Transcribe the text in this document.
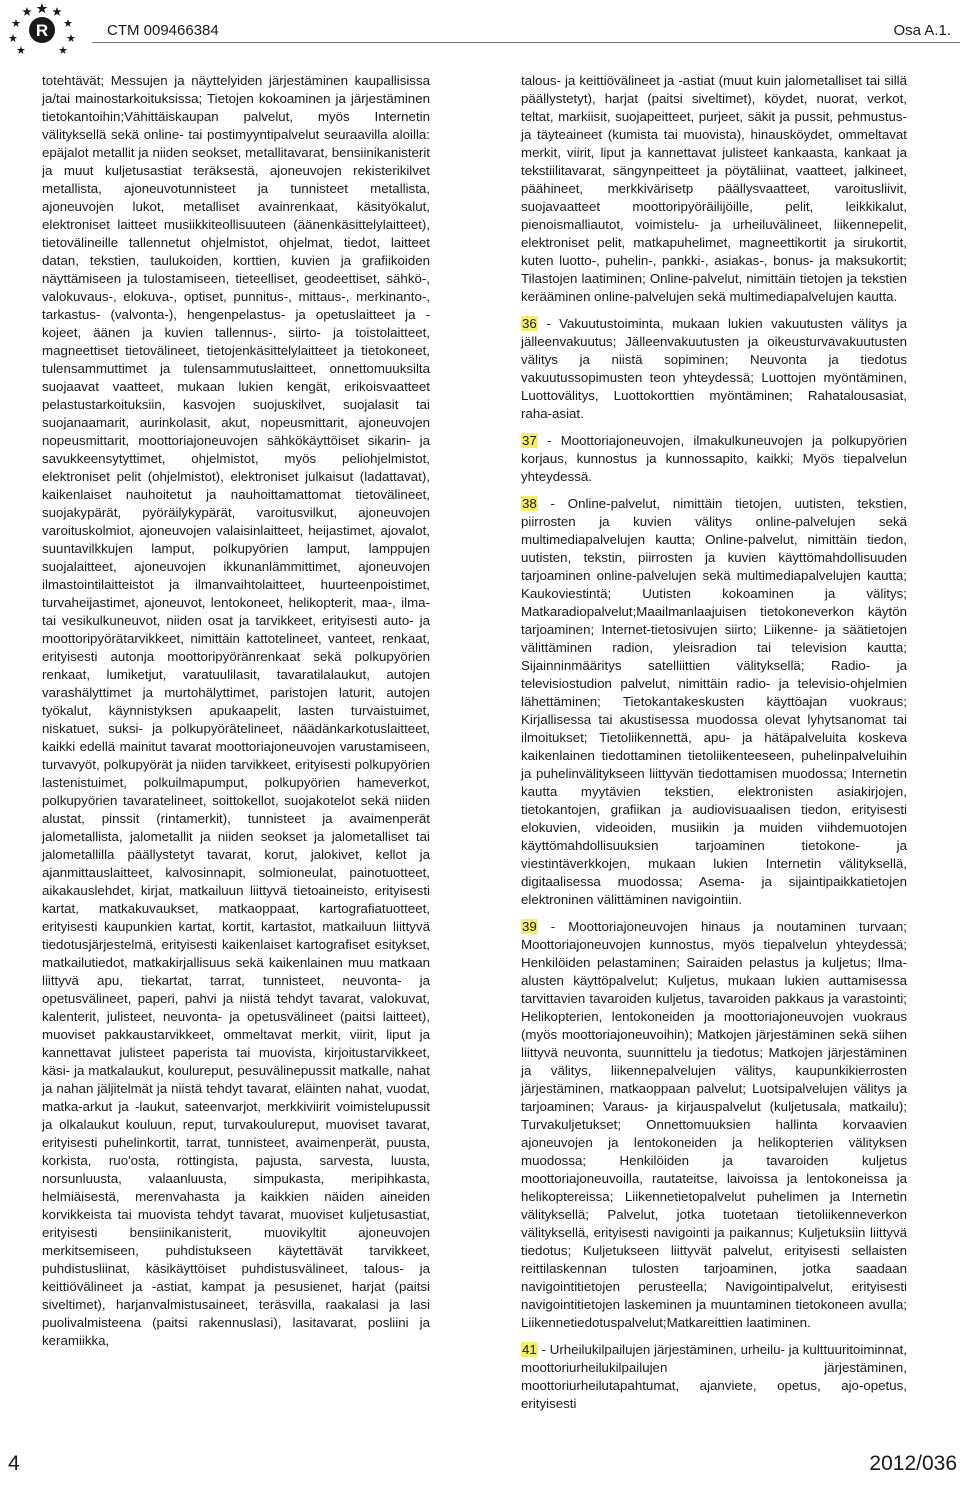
R	CTM 009466384	Osa A.1.

totehtävät; Messujen ja näyttelyiden järjestäminen kaupallisissa ja/tai mainostarkoituksissa; Tietojen kokoaminen ja järjestäminen tietokantoihin;Vähittäiskaupan palvelut, myös Internetin välityksellä sekä online- tai postimyyntipalvelut seuraavilla aloilla: epäjalot metallit ja niiden seokset, metallitavarat, bensiinikanisterit ja muut kuljetusastiat teräksestä, ajoneuvojen rekisterikilvet metallista, ajoneuvotunnisteet ja tunnisteet metallista, ajoneuvojen lukot, metalliset avainrenkaat, käsityökalut, elektroniset laitteet musiikkiteollisuuteen (äänenkäsittelylaitteet), tietovälineille tallennetut ohjelmistot, ohjelmat, tiedot, laitteet datan, tekstien, taulukoiden, korttien, kuvien ja grafiikoiden näyttämiseen ja tulostamiseen, tieteelliset, geodeettiset, sähkö-, valokuvaus-, elokuva-, optiset, punnitus-, mittaus-, merkinanto-, tarkastus- (valvonta-), hengenpelastus- ja opetuslaitteet ja -kojeet, äänen ja kuvien tallennus-, siirto- ja toistolaitteet, magneettiset tietovälineet, tietojenkäsittelylaitteet ja tietokoneet, tulensammuttimet ja tulensammutuslaitteet, onnettomuuksilta suojaavat vaatteet, mukaan lukien kengät, erikoisvaatteet pelastustarkoituksiin, kasvojen suojuskilvet, suojalasit tai suojanaamarit, aurinkolasit, akut, nopeusmittarit, ajoneuvojen nopeusmittarit, moottoriajoneuvojen sähkökäyttöiset sikarin- ja savukkeensytyttimet, ohjelmistot, myös peliohjelmistot, elektroniset pelit (ohjelmistot), elektroniset julkaisut (ladattavat), kaikenlaiset nauhoitetut ja nauhoittamattomat tietovälineet, suojakypärät, pyöräilykypärät, varoitusvilkut, ajoneuvojen varoituskolmiot, ajoneuvojen valaisinlaitteet, heijastimet, ajovalot, suuntavilkkujen lamput, polkupyörien lamput, lamppujen suojalaitteet, ajoneuvojen ikkunanlämmittimet, ajoneuvojen ilmastointilaitteistot ja ilmanvaihtolaitteet, huurteenpoistimet, turvaheijastimet, ajoneuvot, lentokoneet, helikopterit, maa-, ilma- tai vesikulkuneuvot, niiden osat ja tarvikkeet, erityisesti auto- ja moottoripyörätarvikkeet, nimittäin kattotelineet, vanteet, renkaat, erityisesti autonja moottoripyöränrenkaat sekä polkupyörien renkaat, lumiketjut, varatuulilasit, tavaratilalaukut, autojen varashälyttimet ja murtohälyttimet, paristojen laturit, autojen työkalut, käynnistyksen apukaapelit, lasten turvaistuimet, niskatuet, suksi- ja polkupyörätelineet, näädänkarkotuslaitteet, kaikki edellä mainitut tavarat moottoriajoneuvojen varustamiseen, turvavyöt, polkupyörät ja niiden tarvikkeet, erityisesti polkupyörien lastenistuimet, polkuilmapumput, polkupyörien hameverkot, polkupyörien tavaratelineet, soittokellot, suojakotelot sekä niiden alustat, pinssit (rintamerkit), tunnisteet ja avaimenperät jalometallista, jalometallit ja niiden seokset ja jalometalliset tai jalometallilla päällystetyt tavarat, korut, jalokivet, kellot ja ajanmittauslaitteet, kalvosinnapit, solmioneulat, painotuotteet, aikakauslehdet, kirjat, matkailuun liittyvä tietoaineisto, erityisesti kartat, matkakuvaukset, matkaoppaat, kartografiatuotteet, erityisesti kaupunkien kartat, kortit, kartastot, matkailuun liittyvä tiedotusjärjestelmä, erityisesti kaikenlaiset kartografiset esitykset, matkailutiedot, matkakirjallisuus sekä kaikenlainen muu matkaan liittyvä apu, tiekartat, tarrat, tunnisteet, neuvonta- ja opetusvälineet, paperi, pahvi ja niistä tehdyt tavarat, valokuvat, kalenterit, julisteet, neuvonta- ja opetusvälineet (paitsi laitteet), muoviset pakkaustarvikkeet, ommeltavat merkit, viirit, liput ja kannettavat julisteet paperista tai muovista, kirjoitustarvikkeet, käsi- ja matkalaukut, koulureput, pesuvälinepussit matkalle, nahat ja nahan jäljitelmät ja niistä tehdyt tavarat, eläinten nahat, vuodat, matka-arkut ja -laukut, sateenvarjot, merkkiviirit voimistelupussit ja olkalaukut kouluun, reput, turvakoulureput, muoviset tavarat, erityisesti puhelinkortit, tarrat, tunnisteet, avaimenperät, puusta, korkista, ruo'osta, rottingista, pajusta, sarvesta, luusta, norsunluusta, valaanluusta, simpukasta, meripihkasta, helmiäisestä, merenvahasta ja kaikkien näiden aineiden korvikkeista tai muovista tehdyt tavarat, muoviset kuljetusastiat, erityisesti bensiinikanisterit, muovikyltit ajoneuvojen merkitsemiseen, puhdistukseen käytettävät tarvikkeet, puhdistusliinat, käsikäyttöiset puhdistusvälineet, talous- ja keittiövälineet ja -astiat, kampat ja pesusienet, harjat (paitsi siveltimet), harjanvalmistusaineet, teräsvilla, raakalasi ja lasi puolivalmisteena (paitsi rakennuslasi), lasitavarat, posliini ja keramiikka,

talous- ja keittiövälineet ja -astiat (muut kuin jalometalliset tai sillä päällystetyt), harjat (paitsi siveltimet), köydet, nuorat, verkot, teltat, markiisit, suojapeitteet, purjeet, säkit ja pussit, pehmustus- ja täyteaineet (kumista tai muovista), hinausköydet, ommeltavat merkit, viirit, liput ja kannettavat julisteet kankaasta, kankaat ja tekstiilitavarat, sängynpeitteet ja pöytäliinat, vaatteet, jalkineet, päähineet, merkkivärisetp päällysvaatteet, varoitusliivit, suojavaatteet moottoripyöräilijöille, pelit, leikkikalut, pienoismalliautot, voimistelu- ja urheiluvälineet, liikennepelit, elektroniset pelit, matkapuhelimet, magneettikortit ja sirukortit, kuten luotto-, puhelin-, pankki-, asiakas-, bonus- ja maksukortit; Tilastojen laatiminen; Online-palvelut, nimittäin tietojen ja tekstien kerääminen online-palvelujen sekä multimediapalvelujen kautta.

36 - Vakuutustoiminta, mukaan lukien vakuutusten välitys ja jälleenvakuutus; Jälleenvakuutusten ja oikeusturvavakuutusten välitys ja niistä sopiminen; Neuvonta ja tiedotus vakuutussopimusten teon yhteydessä; Luottojen myöntäminen, Luottovälitys, Luottokorttien myöntäminen; Rahatalousasiat, raha-asiat.

37 - Moottoriajoneuvojen, ilmakulkuneuvojen ja polkupyörien korjaus, kunnostus ja kunnossapito, kaikki; Myös tiepalvelun yhteydessä.

38 - Online-palvelut, nimittäin tietojen, uutisten, tekstien, piirrosten ja kuvien välitys online-palvelujen sekä multimediapalvelujen kautta; Online-palvelut, nimittäin tiedon, uutisten, tekstin, piirrosten ja kuvien käyttömahdollisuuden tarjoaminen online-palvelujen sekä multimediapalvelujen kautta; Kaukoviestintä; Uutisten kokoaminen ja välitys; Matkaradiopalvelut;Maailmanlaajuisen tietokoneverkon käytön tarjoaminen; Internet-tietosivujen siirto; Liikenne- ja säätietojen välittäminen radion, yleisradion tai television kautta; Sijainninmääritys satelliittien välityksellä; Radio- ja televisiostudion palvelut, nimittäin radio- ja televisio-ohjelmien lähettäminen; Tietokantakeskusten käyttöajan vuokraus; Kirjallisessa tai akustisessa muodossa olevat lyhytsanomat tai ilmoitukset; Tietoliikennettä, apu- ja hätäpalveluita koskeva kaikenlainen tiedottaminen tietoliikenteeseen, puhelinpalveluihin ja puhelinvälitykseen liittyvän tiedottamisen muodossa; Internetin kautta myytävien tekstien, elektronisten asiakirjojen, tietokantojen, grafiikan ja audiovisuaalisen tiedon, erityisesti elokuvien, videoiden, musiikin ja muiden viihdemuotojen käyttömahdollisuuksien tarjoaminen tietokone- ja viestintäverkkojen, mukaan lukien Internetin välityksellä, digitaalisessa muodossa; Asema- ja sijaintipaikkatietojen elektroninen välittäminen navigointiin.

39 - Moottoriajoneuvojen hinaus ja noutaminen turvaan; Moottoriajoneuvojen kunnostus, myös tiepalvelun yhteydessä; Henkilöiden pelastaminen; Sairaiden pelastus ja kuljetus; Ilma-alusten käyttöpalvelut; Kuljetus, mukaan lukien auttamisessa tarvittavien tavaroiden kuljetus, tavaroiden pakkaus ja varastointi; Helikopterien, lentokoneiden ja moottoriajoneuvojen vuokraus (myös moottoriajoneuvoihin); Matkojen järjestäminen sekä siihen liittyvä neuvonta, suunnittelu ja tiedotus; Matkojen järjestäminen ja välitys, liikennepalvelujen välitys, kaupunkikierrosten järjestäminen, matkaoppaan palvelut; Luotsipalvelujen välitys ja tarjoaminen; Varaus- ja kirjauspalvelut (kuljetusala, matkailu); Turvakuljetukset; Onnettomuuksien hallinta korvaavien ajoneuvojen ja lentokoneiden ja helikopterien välityksen muodossa; Henkilöiden ja tavaroiden kuljetus moottoriajoneuvoilla, rautateitse, laivoissa ja lentokoneissa ja helikoptereissa; Liikennetietopalvelut puhelimen ja Internetin välityksellä; Palvelut, jotka tuotetaan tietoliikenneverkon välityksellä, erityisesti navigointi ja paikannus; Kuljetuksiin liittyvä tiedotus; Kuljetukseen liittyvät palvelut, erityisesti sellaisten reittilaskennan tulosten tarjoaminen, jotka saadaan navigointitietojen perusteella; Navigointipalvelut, erityisesti navigointitietojen laskeminen ja muuntaminen tietokoneen avulla; Liikennetiedotuspalvelut;Matkareittien laatiminen.

41 - Urheilukilpailujen järjestäminen, urheilu- ja kulttuuritoiminnat, moottoriurheilukilpailujen järjestäminen, moottoriurheilutapahtumat, ajanviete, opetus, ajo-opetus, erityisesti

4	2012/036
